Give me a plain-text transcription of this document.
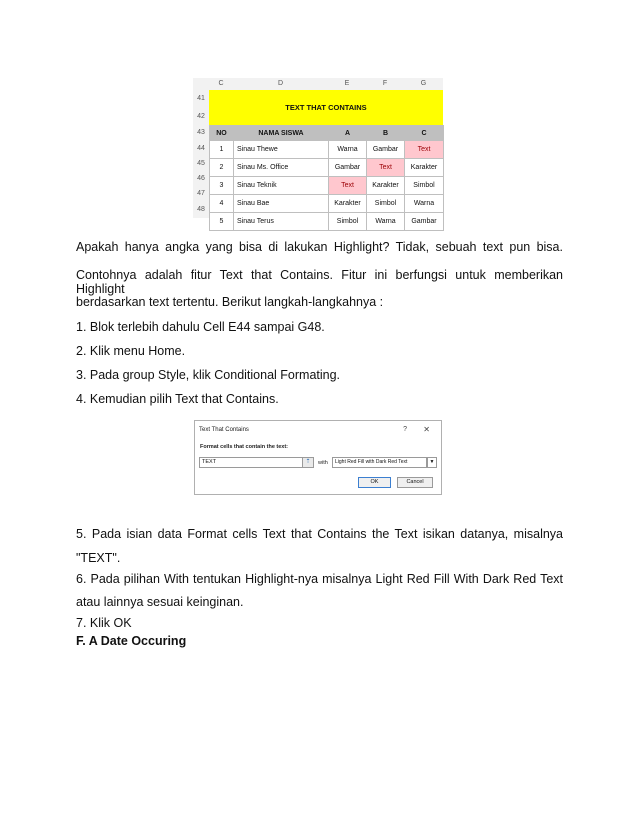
C	D	E	F	G
41
42
43
44
45
46
47
48
TEXT THAT CONTAINS
NO	NAMA SISWA	A	B	C
1	Sinau Thewe	Warna	Gambar	Text
2	Sinau Ms. Office	Gambar	Text	Karakter
3	Sinau Teknik	Text	Karakter	Simbol
4	Sinau Bae	Karakter	Simbol	Warna
5	Sinau Terus	Simbol	Warna	Gambar
Apakah hanya angka yang bisa di lakukan Highlight? Tidak, sebuah text pun bisa.
Contohnya adalah fitur Text that Contains. Fitur ini berfungsi untuk memberikan Highlight
berdasarkan text tertentu. Berikut langkah-langkahnya :
1. Blok terlebih dahulu Cell E44 sampai G48.
2. Klik menu Home.
3. Pada group Style, klik Conditional Formating.
4. Kemudian pilih Text that Contains.
Text That Contains	? ✕
Format cells that contain the text:
TEXT	⇡	with	Light Red Fill with Dark Red Text	▼
OK	Cancel
5. Pada isian data Format cells Text that Contains the Text isikan datanya, misalnya
"TEXT".
6. Pada pilihan With tentukan Highlight-nya misalnya Light Red Fill With Dark Red Text
atau lainnya sesuai keinginan.
7. Klik OK
F. A Date Occuring
